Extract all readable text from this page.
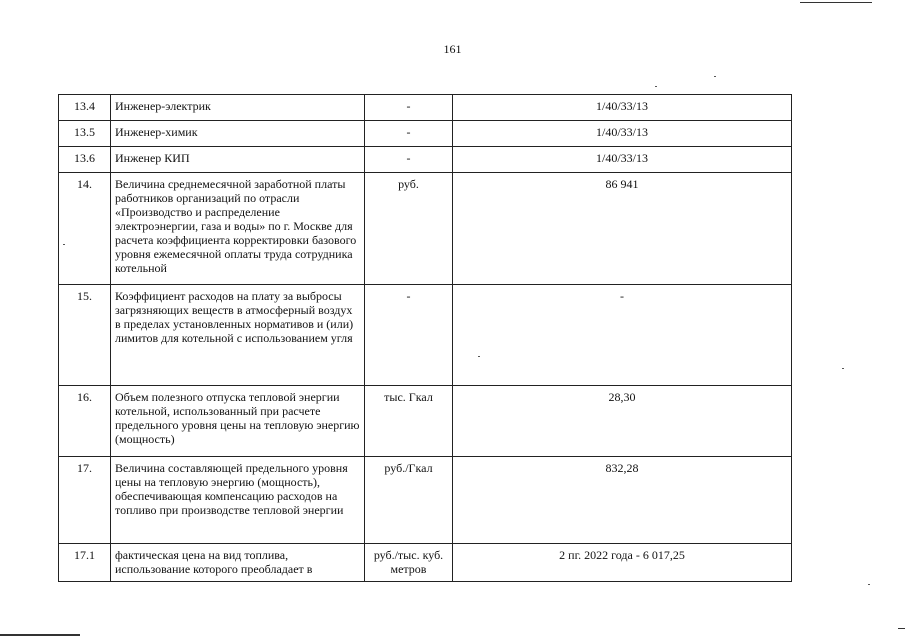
161
13.4	Инженер-электрик	-	1/40/33/13
13.5	Инженер-химик	-	1/40/33/13
13.6	Инженер КИП	-	1/40/33/13
14.	Величина среднемесячной заработной платы работников организаций по отрасли «Производство и распределение электроэнергии, газа и воды» по г. Москве для расчета коэффициента корректировки базового уровня ежемесячной оплаты труда сотрудника котельной	руб.	86 941
15.	Коэффициент расходов на плату за выбросы загрязняющих веществ в атмосферный воздух в пределах установленных нормативов и (или) лимитов для котельной с использованием угля	-	-
16.	Объем полезного отпуска тепловой энергии котельной, использованный при расчете предельного уровня цены на тепловую энергию (мощность)	тыс. Гкал	28,30
17.	Величина составляющей предельного уровня цены на тепловую энергию (мощность), обеспечивающая компенсацию расходов на топливо при производстве тепловой энергии	руб./Гкал	832,28
17.1	фактическая цена на вид топлива, использование которого преобладает в	руб./тыс. куб. метров	2 пг. 2022 года - 6 017,25
